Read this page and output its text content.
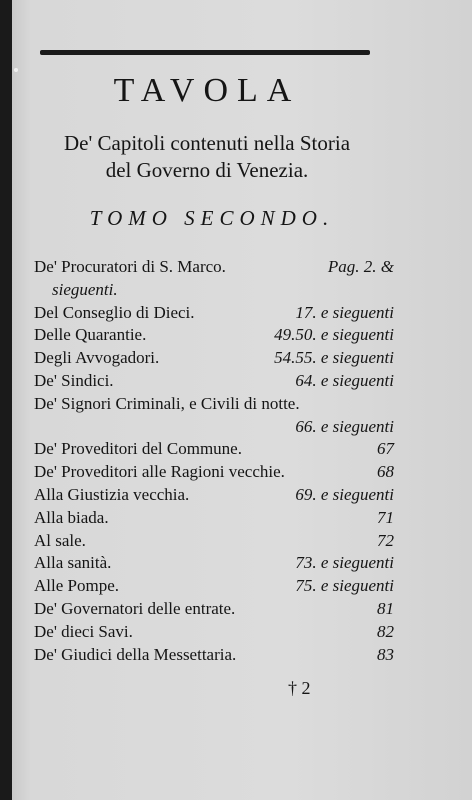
TAVOLA
De' Capitoli contenuti nella Storia
del Governo di Venezia.
TOMO SECONDO.
De' Procuratori di S. Marco.	Pag. 2. &
sieguenti.
Del Conseglio di Dieci.	17. e sieguenti
Delle Quarantie.	49.50. e sieguenti
Degli Avvogadori.	54.55. e sieguenti
De' Sindici.	64. e sieguenti
De' Signori Criminali, e Civili di notte.
66. e sieguenti
De' Proveditori del Commune.	67
De' Proveditori alle Ragioni vecchie.	68
Alla Giustizia vecchia.	69. e sieguenti
Alla biada.	71
Al sale.	72
Alla sanità.	73. e sieguenti
Alle Pompe.	75. e sieguenti
De' Governatori delle entrate.	81
De' dieci Savi.	82
De' Giudici della Messettaria.	83
† 2
